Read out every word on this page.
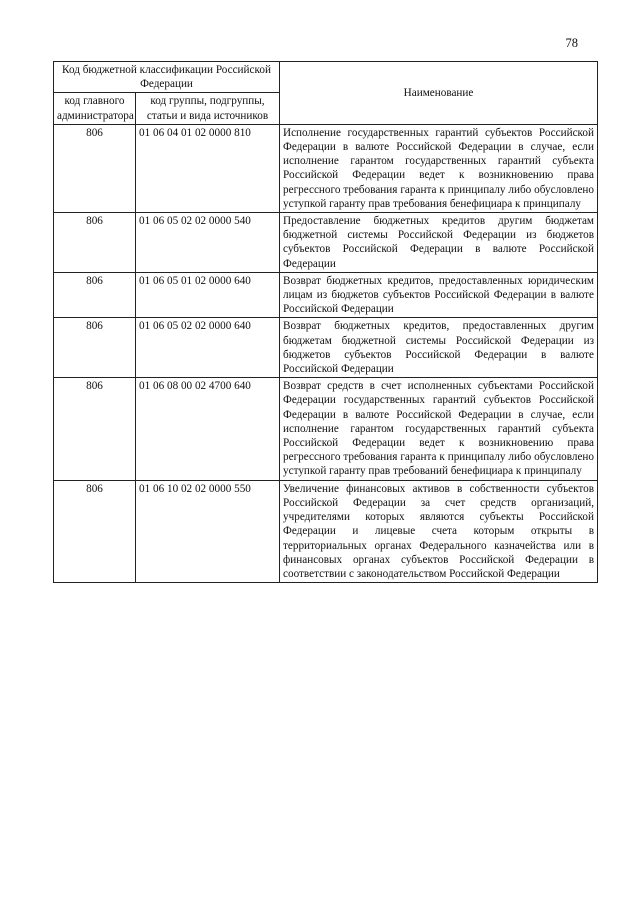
78
Код бюджетной классификации Российской Федерации		Наименование
код главного администратора	код группы, подгруппы, статьи и вида источников	
806	01 06 04 01 02 0000 810	Исполнение государственных гарантий субъектов Российской Федерации в валюте Российской Федерации в случае, если исполнение гарантом государственных гарантий субъекта Российской Федерации ведет к возникновению права регрессного требования гаранта к принципалу либо обусловлено уступкой гаранту прав требования бенефициара к принципалу
806	01 06 05 02 02 0000 540	Предоставление бюджетных кредитов другим бюджетам бюджетной системы Российской Федерации из бюджетов субъектов Российской Федерации в валюте Российской Федерации
806	01 06 05 01 02 0000 640	Возврат бюджетных кредитов, предоставленных юридическим лицам из бюджетов субъектов Российской Федерации в валюте Российской Федерации
806	01 06 05 02 02 0000 640	Возврат бюджетных кредитов, предоставленных другим бюджетам бюджетной системы Российской Федерации из бюджетов субъектов Российской Федерации в валюте Российской Федерации
806	01 06 08 00 02 4700 640	Возврат средств в счет исполненных субъектами Российской Федерации государственных гарантий субъектов Российской Федерации в валюте Российской Федерации в случае, если исполнение гарантом государственных гарантий субъекта Российской Федерации ведет к возникновению права регрессного требования гаранта к принципалу либо обусловлено уступкой гаранту прав требований бенефициара к принципалу
806	01 06 10 02 02 0000 550	Увеличение финансовых активов в собственности субъектов Российской Федерации за счет средств организаций, учредителями которых являются субъекты Российской Федерации и лицевые счета которым открыты в территориальных органах Федерального казначейства или в финансовых органах субъектов Российской Федерации в соответствии с законодательством Российской Федерации
